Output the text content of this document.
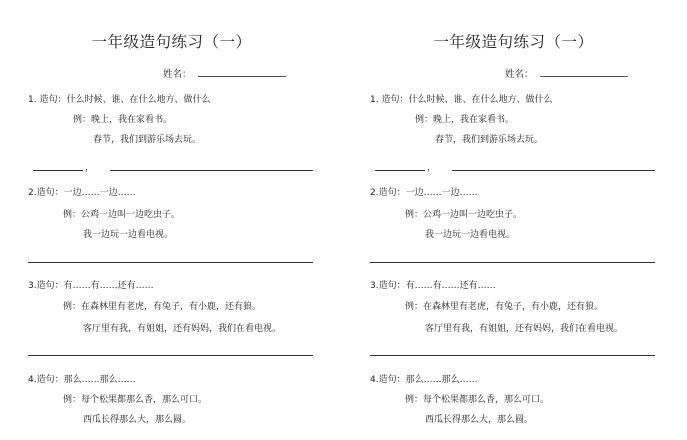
一年级造句练习（一）
姓名：
1. 造句：什么时候、谁、在什么地方、做什么
例：晚上，我在家看书。
春节，我们到游乐场去玩。
，
2.造句：一边……一边……
例：公鸡一边叫一边吃虫子。
我一边玩一边看电视。
3.造句：有……有……还有……
例：在森林里有老虎，有兔子，有小鹿，还有狼。
客厅里有我，有姐姐，还有妈妈，我们在看电视。
4.造句：那么……那么……
例：每个松果都那么香，那么可口。
西瓜长得那么大，那么圆。
一年级造句练习（一）
姓名：
1. 造句：什么时候、谁、在什么地方、做什么
例：晚上，我在家看书。
春节，我们到游乐场去玩。
，
2.造句：一边……一边……
例：公鸡一边叫一边吃虫子。
我一边玩一边看电视。
3.造句：有……有……还有……
例：在森林里有老虎，有兔子，有小鹿，还有狼。
客厅里有我，有姐姐，还有妈妈，我们在看电视。
4.造句：那么……那么……
例：每个松果都那么香，那么可口。
西瓜长得那么大，那么圆。
